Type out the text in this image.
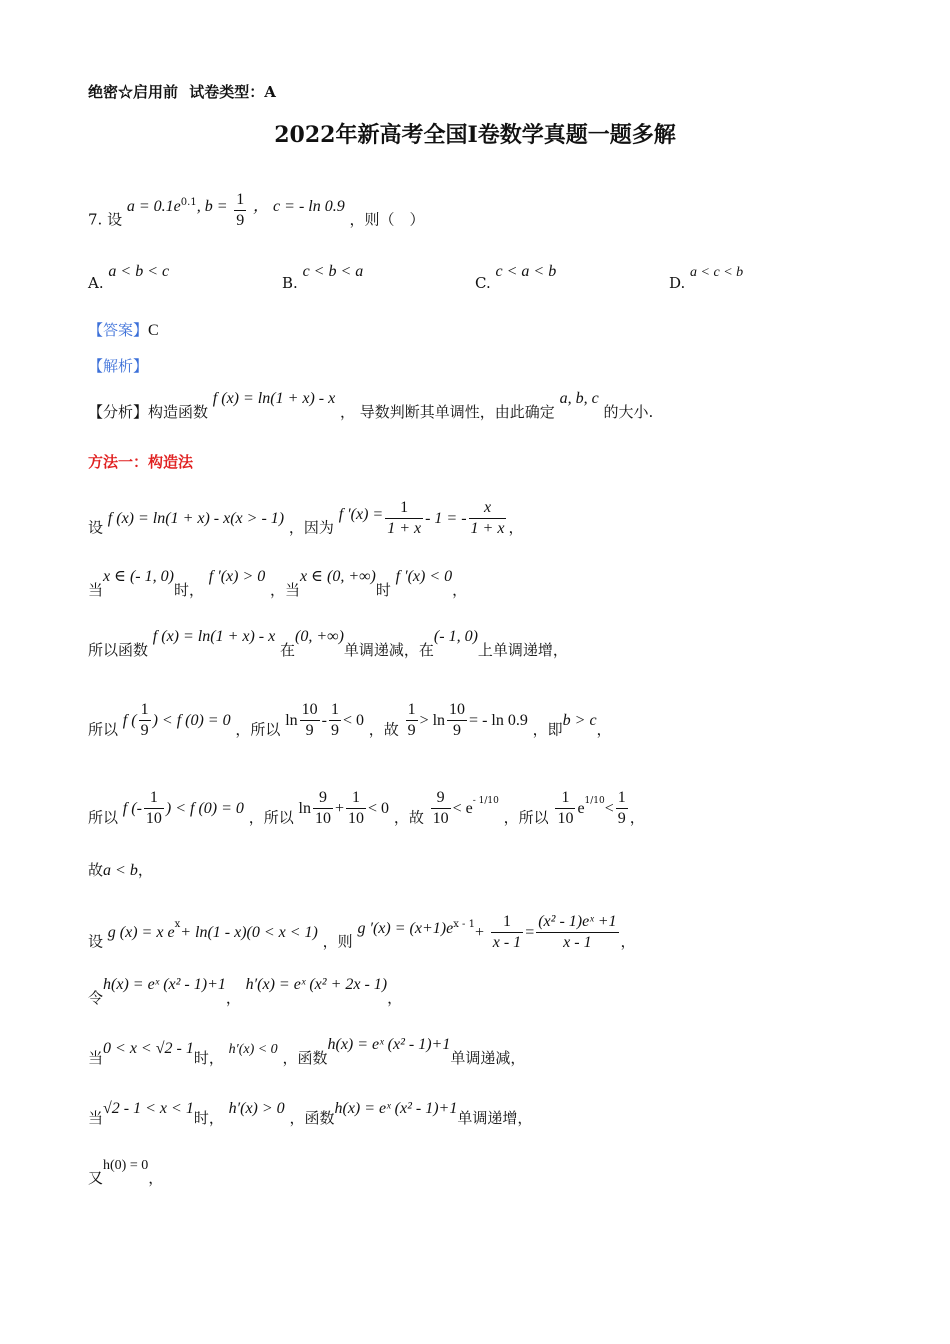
绝密☆启用前 试卷类型：A
2022年新高考全国I卷数学真题一题多解
7. 设 $a = 0.1e^{0.1}$, $b = \frac{1}{9}$ ， c = - ln 0.9 ，则（　）
A. a < b < c
B. c < b < a
C. c < a < b
D. a < c < b
【答案】C
【解析】
【分析】构造函数 f (x) = ln(1 + x) - x ， 导数判断其单调性，由此确定 a, b, c 的大小.
方法一：构造法
设 f (x) = ln(1 + x) - x(x > - 1) ，因为 f $'(x) = \frac{1}{1 + x} - 1$ = - $\frac{x}{1 + x}$ ，
当x ∈ (- 1, 0)时， f ′(x) > 0 ，当x ∈ (0, +∞)时 f ′(x) < 0，
所以函数 f (x) = ln(1 + x) - x 在(0, +∞)单调递减，在(- 1, 0)上单调递增，
所以 f ( $\frac{1}{9}$ ) < f (0) = 0 ，所以 $\ln \frac{10}{9} - \frac{1}{9} < 0$ ，故 $\frac{1}{9} > \ln \frac{10}{9}$ = - ln 0.9 ，即b > c，
所以 f (- $\frac{1}{10}$ ) < f (0) = 0 ，所以 $\ln \frac{9}{10} + \frac{1}{10} < 0$ ，故 $\frac{9}{10} < e^{- 1/10}$ ，所以 $\frac{1}{10} e^{1/10}< \frac{1}{9}$ ，
故a < b，
设 g (x) = x $e^x+ \ln(1 - x)(0 < x < 1)$ ，则 g $'(x) = (x+1)e^{x - 1}+ \frac{1}{x - 1} = \frac{\text{(x² - 1)eˣ +1}}{x - 1}$ ，
令h(x) = eˣ (x² - 1)+1， h′(x) = eˣ (x² + 2x - 1)，
当0 < x < √2 - 1时， h′(x) < 0 ，函数h(x) = eˣ (x² - 1)+1单调递减，
当√2 - 1 < x < 1时， h′(x) > 0 ，函数h(x) = eˣ (x² - 1)+1单调递增，
又h(0) = 0，
